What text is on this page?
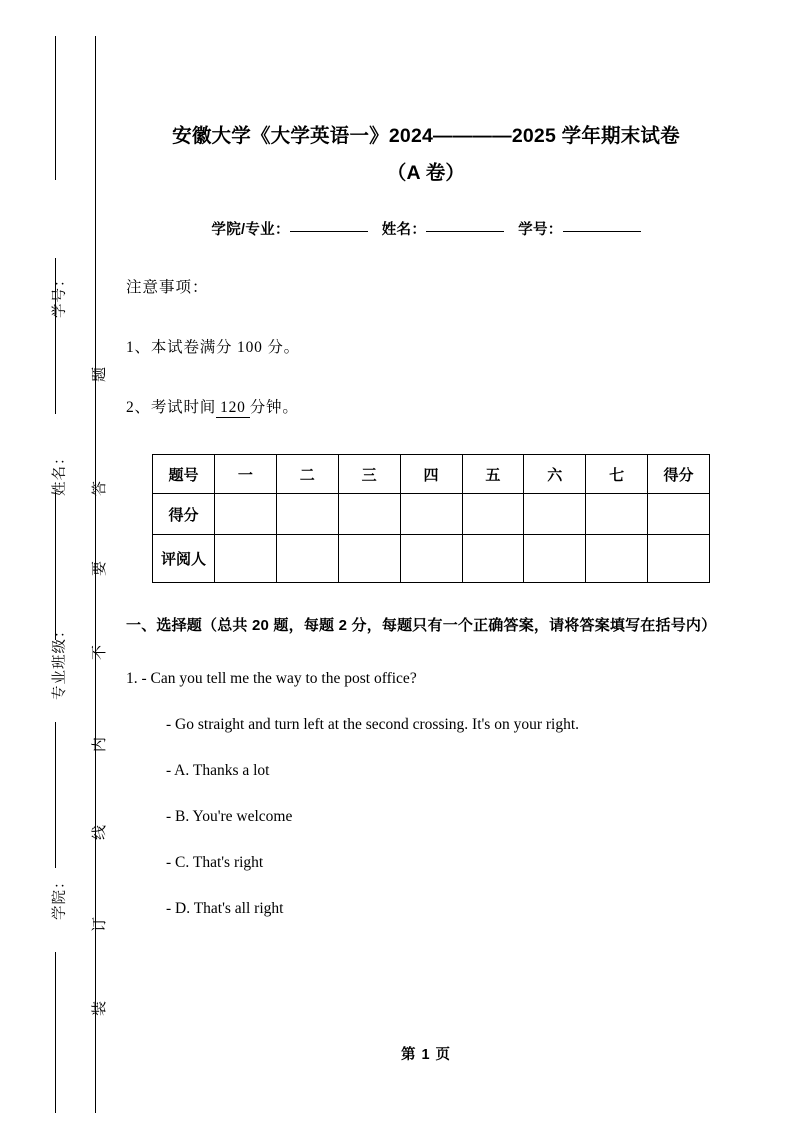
学号：
姓名：
专业班级：
学院：
题
答
要
不
内
线
订
装
安徽大学《大学英语一》2024————2025 学年期末试卷
（A 卷）
学院/专业：	姓名：	学号：

注意事项：

1、本试卷满分 100 分。

2、考试时间 120 分钟。

题号	一	二	三	四	五	六	七	得分
得分								
评阅人								

一、选择题（总共 20 题，每题 2 分，每题只有一个正确答案，请将答案填写在括号内）

1. - Can you tell me the way to the post office?

- Go straight and turn left at the second crossing. It's on your right.

- A. Thanks a lot

- B. You're welcome

- C. That's right

- D. That's all right

第 1 页
